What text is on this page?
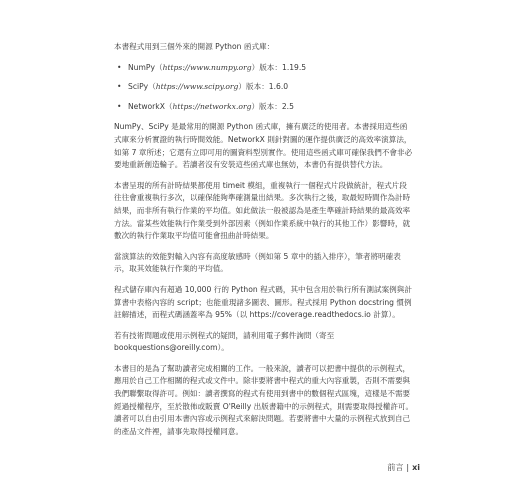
本書程式用到三個外來的開源 Python 函式庫：

• NumPy（https://www.numpy.org）版本：1.19.5
• SciPy（https://www.scipy.org）版本：1.6.0
• NetworkX（https://networkx.org）版本：2.5

NumPy、SciPy 是最常用的開源 Python 函式庫，擁有廣泛的使用者。本書採用這些函式庫來分析實證的執行時間效能。NetworkX 則針對圖的運作提供廣泛的高效率演算法，如第 7 章所述；它還有立即可用的圖資料型別實作。使用這些函式庫可確保我們不會非必要地重新創造輪子。若讀者沒有安裝這些函式庫也無妨，本書仍有提供替代方法。

本書呈現的所有計時結果都使用 timeit 模組，重複執行一個程式片段做統計，程式片段往往會重複執行多次，以確保能夠準確測量出結果。多次執行之後，取最短時間作為計時結果，而非所有執行作業的平均值。如此做法一般被認為是產生準確計時結果的最高效率方法。當某些效能執行作業受到外部因素（例如作業系統中執行的其他工作）影響時，就數次的執行作業取平均值可能會扭曲計時結果。

當演算法的效能對輸入內容有高度敏感時（例如第 5 章中的插入排序），筆者將明確表示，取其效能執行作業的平均值。

程式儲存庫內有超過 10,000 行的 Python 程式碼，其中包含用於執行所有測試案例與計算書中表格內容的 script；也能重現諸多圖表、圖形。程式採用 Python docstring 慣例註解描述，而程式碼涵蓋率為 95%（以 https://coverage.readthedocs.io 計算）。

若有技術問題或使用示例程式的疑問，請利用電子郵件詢問（寄至 bookquestions@oreilly.com）。

本書目的是為了幫助讀者完成相關的工作。一般來說，讀者可以把書中提供的示例程式，應用於自己工作相關的程式或文件中。除非要將書中程式的重大內容重製，否則不需要與我們聯繫取得許可。例如：讀者撰寫的程式有使用到書中的數個程式區塊，這樣是不需要經過授權程序，至於散佈或販賣 O'Reilly 出版書籍中的示例程式，則需要取得授權許可。讀者可以自由引用本書內容或示例程式來解決問題。若要將書中大量的示例程式放到自己的產品文件裡，請事先取得授權同意。

前言 | xi
